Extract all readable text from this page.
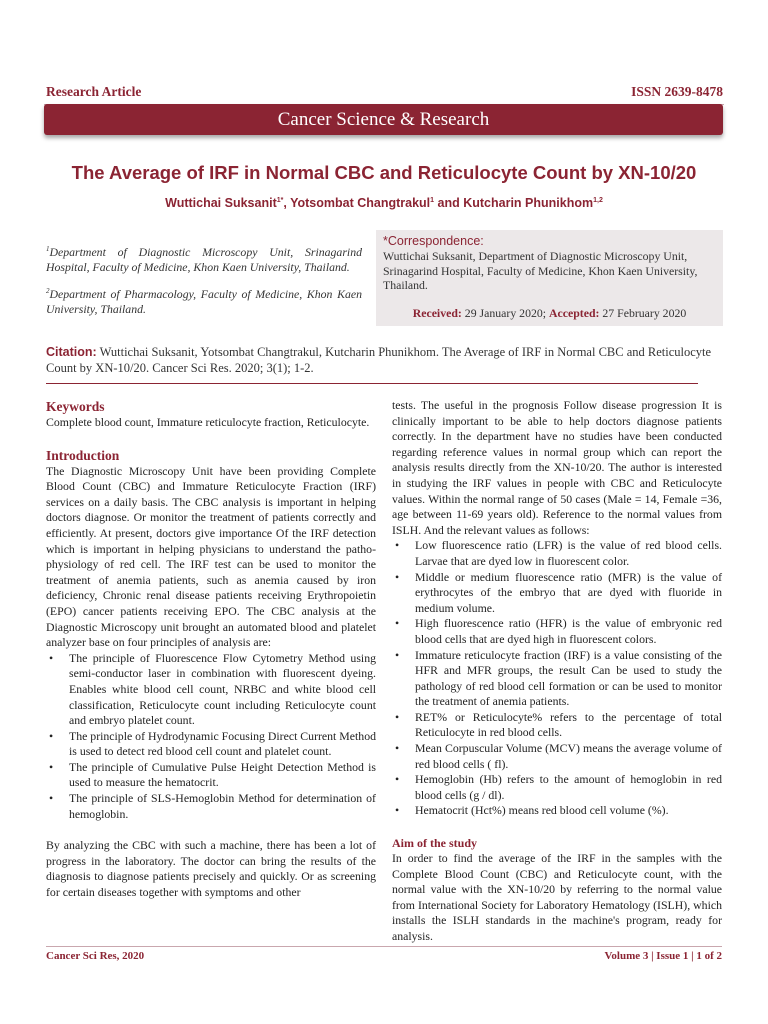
Research Article	ISSN 2639-8478
Cancer Science & Research
The Average of IRF in Normal CBC and Reticulocyte Count by XN-10/20
Wuttichai Suksanit$^{1*}$, Yotsombat Changtrakul$^1$ and Kutcharin Phunikhom$^{1,2}$
$^1$Department of Diagnostic Microscopy Unit, Srinagarind Hospital, Faculty of Medicine, Khon Kaen University, Thailand.
$^2$Department of Pharmacology, Faculty of Medicine, Khon Kaen University, Thailand.
*Correspondence:
Wuttichai Suksanit, Department of Diagnostic Microscopy Unit, Srinagarind Hospital, Faculty of Medicine, Khon Kaen University, Thailand.
Received: 29 January 2020; Accepted: 27 February 2020
Citation: Wuttichai Suksanit, Yotsombat Changtrakul, Kutcharin Phunikhom. The Average of IRF in Normal CBC and Reticulocyte Count by XN-10/20. Cancer Sci Res. 2020; 3(1); 1-2.
Keywords

Complete blood count, Immature reticulocyte fraction, Reticulocyte.

Introduction

The Diagnostic Microscopy Unit have been providing Complete Blood Count (CBC) and Immature Reticulocyte Fraction (IRF) services on a daily basis. The CBC analysis is important in helping doctors diagnose. Or monitor the treatment of patients correctly and efficiently. At present, doctors give importance Of the IRF detection which is important in helping physicians to understand the patho-physiology of red cell. The IRF test can be used to monitor the treatment of anemia patients, such as anemia caused by iron deficiency, Chronic renal disease patients receiving Erythropoietin (EPO) cancer patients receiving EPO. The CBC analysis at the Diagnostic Microscopy unit brought an automated blood and platelet analyzer base on four principles of analysis are:

• The principle of Fluorescence Flow Cytometry Method using semi-conductor laser in combination with fluorescent dyeing. Enables white blood cell count, NRBC and white blood cell classification, Reticulocyte count including Reticulocyte count and embryo platelet count.
• The principle of Hydrodynamic Focusing Direct Current Method is used to detect red blood cell count and platelet count.
• The principle of Cumulative Pulse Height Detection Method is used to measure the hematocrit.
• The principle of SLS-Hemoglobin Method for determination of hemoglobin.

By analyzing the CBC with such a machine, there has been a lot of progress in the laboratory. The doctor can bring the results of the diagnosis to diagnose patients precisely and quickly. Or as screening for certain diseases together with symptoms and other

tests. The useful in the prognosis Follow disease progression It is clinically important to be able to help doctors diagnose patients correctly. In the department have no studies have been conducted regarding reference values in normal group which can report the analysis results directly from the XN-10/20. The author is interested in studying the IRF values in people with CBC and Reticulocyte values. Within the normal range of 50 cases (Male = 14, Female =36, age between 11-69 years old). Reference to the normal values from ISLH. And the relevant values as follows:

• Low fluorescence ratio (LFR) is the value of red blood cells. Larvae that are dyed low in fluorescent color.
• Middle or medium fluorescence ratio (MFR) is the value of erythrocytes of the embryo that are dyed with fluoride in medium volume.
• High fluorescence ratio (HFR) is the value of embryonic red blood cells that are dyed high in fluorescent colors.
• Immature reticulocyte fraction (IRF) is a value consisting of the HFR and MFR groups, the result Can be used to study the pathology of red blood cell formation or can be used to monitor the treatment of anemia patients.
• RET% or Reticulocyte% refers to the percentage of total Reticulocyte in red blood cells.
• Mean Corpuscular Volume (MCV) means the average volume of red blood cells ( fl).
• Hemoglobin (Hb) refers to the amount of hemoglobin in red blood cells (g / dl).
• Hematocrit (Hct%) means red blood cell volume (%).
Aim of the study

In order to find the average of the IRF in the samples with the Complete Blood Count (CBC) and Reticulocyte count, with the normal value with the XN-10/20 by referring to the normal value from International Society for Laboratory Hematology (ISLH), which installs the ISLH standards in the machine's program, ready for analysis.

Cancer Sci Res, 2020	Volume 3 | Issue 1 | 1 of 2
